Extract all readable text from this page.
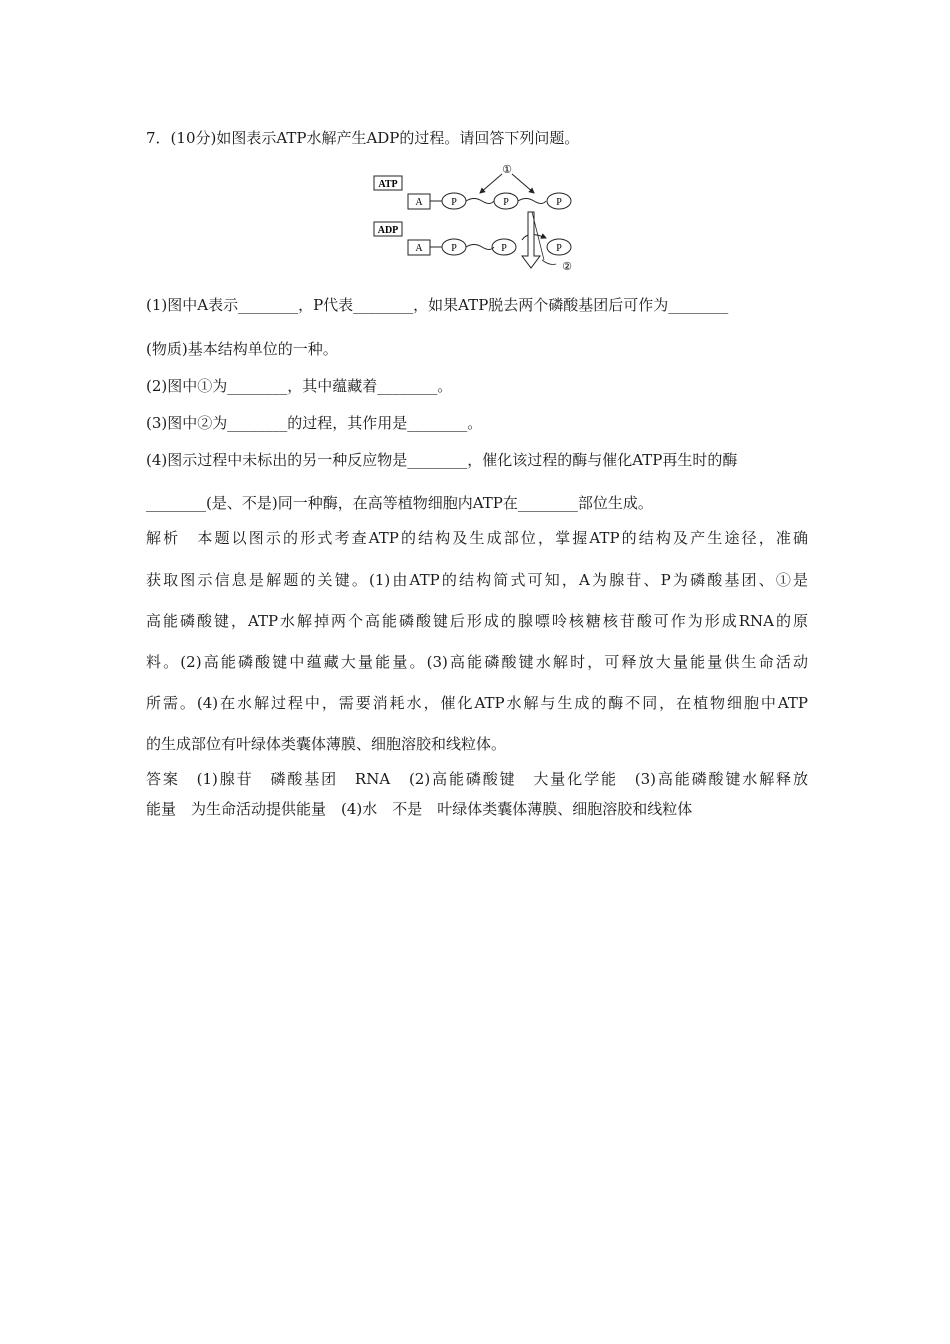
7．(10分)如图表示ATP水解产生ADP的过程。请回答下列问题。
ATP
A	P	P	P
①
ADP
A	P	P	P
②
(1)图中A表示________，P代表________，如果ATP脱去两个磷酸基团后可作为________
(物质)基本结构单位的一种。
(2)图中①为________，其中蕴藏着________。
(3)图中②为________的过程，其作用是________。
(4)图示过程中未标出的另一种反应物是________，催化该过程的酶与催化ATP再生时的酶
________(是、不是)同一种酶，在高等植物细胞内ATP在________部位生成。
解析　本题以图示的形式考查ATP的结构及生成部位，掌握ATP的结构及产生途径，准确
获取图示信息是解题的关键。(1)由ATP的结构简式可知，A为腺苷、P为磷酸基团、①是
高能磷酸键，ATP水解掉两个高能磷酸键后形成的腺嘌呤核糖核苷酸可作为形成RNA的原
料。(2)高能磷酸键中蕴藏大量能量。(3)高能磷酸键水解时，可释放大量能量供生命活动
所需。(4)在水解过程中，需要消耗水，催化ATP水解与生成的酶不同，在植物细胞中ATP
的生成部位有叶绿体类囊体薄膜、细胞溶胶和线粒体。
答案　(1)腺苷　磷酸基团　RNA　(2)高能磷酸键　大量化学能　(3)高能磷酸键水解释放
能量　为生命活动提供能量　(4)水　不是　叶绿体类囊体薄膜、细胞溶胶和线粒体
